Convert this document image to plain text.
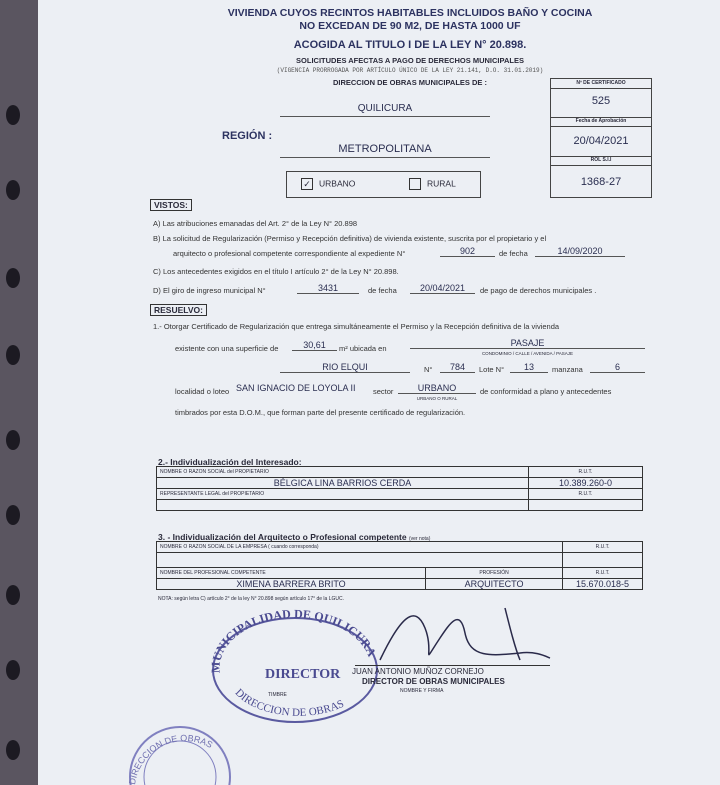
VIVIENDA CUYOS RECINTOS HABITABLES INCLUIDOS BAÑO Y COCINA
NO EXCEDAN DE 90 M2, DE HASTA 1000 UF
ACOGIDA AL TITULO I DE LA LEY N° 20.898.
SOLICITUDES AFECTAS A PAGO DE DERECHOS MUNICIPALES
(VIGENCIA PRORROGADA POR ARTÍCULO ÚNICO DE LA LEY 21.141, D.O. 31.01.2019)
DIRECCION DE OBRAS MUNICIPALES DE :
QUILICURA
REGIÓN :
METROPOLITANA
✓ URBANO	RURAL
Nº DE CERTIFICADO
525
Fecha de Aprobación
20/04/2021
ROL S.I.I
1368-27
VISTOS:
A) Las atribuciones emanadas del Art. 2° de la Ley N° 20.898
B) La solicitud de Regularización (Permiso y Recepción definitiva) de vivienda existente, suscrita por el propietario y el
arquitecto o profesional competente correspondiente al expediente N°	902	de fecha	14/09/2020
C) Los antecedentes exigidos en el título I artículo 2° de la Ley N° 20.898.
D) El giro de ingreso municipal N°	3431	de fecha	20/04/2021	de pago de derechos municipales .
RESUELVO:
1.- Otorgar Certificado de Regularización que entrega simultáneamente el Permiso y la Recepción definitiva de la vivienda
existente con una superficie de	30,61	m² ubicada en
PASAJE
CONDOMINIO / CALLE / AVENIDA / PASAJE
RIO ELQUI	N°	784	Lote N°	13	manzana	6
localidad o loteo SAN IGNACIO DE LOYOLA II sector	URBANO
URBANO O RURAL
de conformidad a plano y antecedentes
timbrados por esta D.O.M., que forman parte del presente certificado de regularización.
2.- Individualización del Interesado:
NOMBRE O RAZON SOCIAL del PROPIETARIO	R.U.T.
BÉLGICA LINA BARRIOS CERDA	10.389.260-0
REPRESENTANTE LEGAL del PROPIETARIO	R.U.T.

3. - Individualización del Arquitecto o Profesional competente (ver nota)
NOMBRE O RAZON SOCIAL DE LA EMPRESA ( cuando corresponda)		R.U.T.

NOMBRE DEL PROFESIONAL COMPETENTE	PROFESIÓN	R.U.T.
XIMENA BARRERA BRITO	ARQUITECTO	15.670.018-5
NOTA: según letra C) artículo 2° de la ley N° 20.898 según artículo 17° de la LGUC.
MUNICIPALIDAD DE QUILICURA
DIRECTOR
DIRECCION DE OBRAS
JUAN ANTONIO MUÑOZ CORNEJO
DIRECTOR DE OBRAS MUNICIPALES
NOMBRE Y FIRMA
TIMBRE
DIRECCION DE OBRAS
